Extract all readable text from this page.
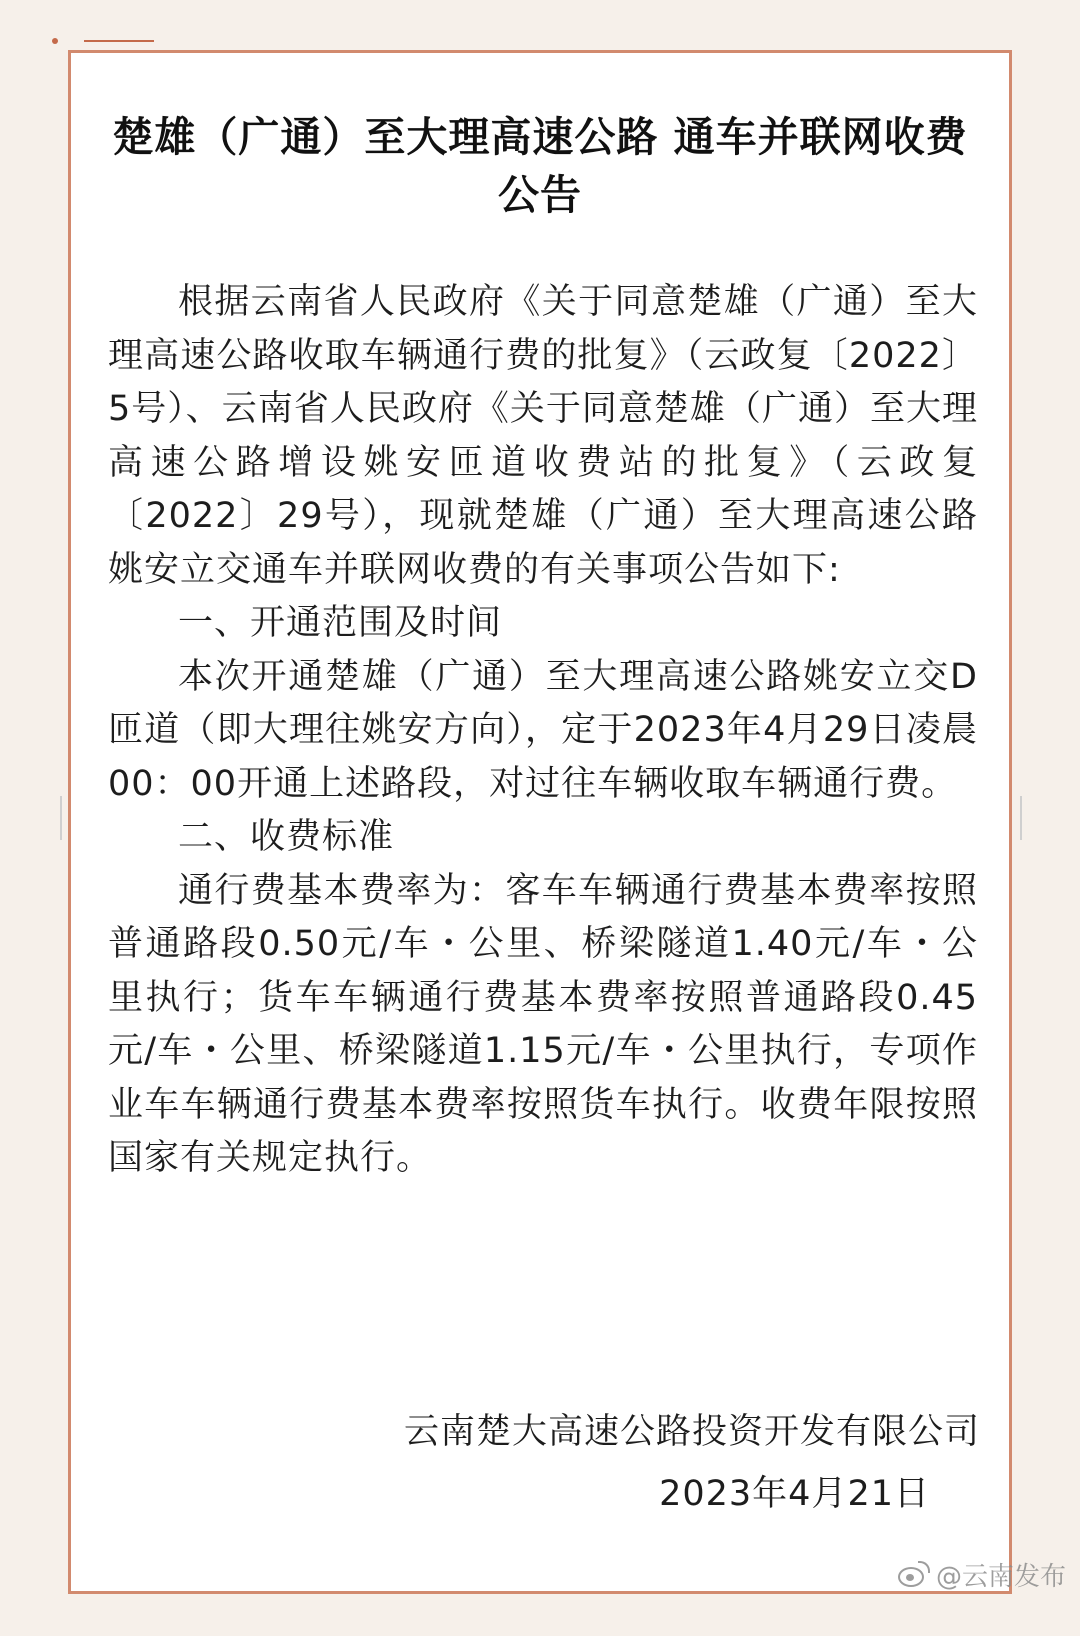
楚雄（广通）至大理高速公路 通车并联网收费公告

根据云南省人民政府《关于同意楚雄（广通）至大理高速公路收取车辆通行费的批复》（云政复〔2022〕5号）、云南省人民政府《关于同意楚雄（广通）至大理高速公路增设姚安匝道收费站的批复》（云政复〔2022〕29号），现就楚雄（广通）至大理高速公路姚安立交通车并联网收费的有关事项公告如下:

一、开通范围及时间

本次开通楚雄（广通）至大理高速公路姚安立交D匝道（即大理往姚安方向），定于2023年4月29日凌晨00：00开通上述路段，对过往车辆收取车辆通行费。

二、收费标准

通行费基本费率为：客车车辆通行费基本费率按照普通路段0.50元/车・公里、桥梁隧道1.40元/车・公里执行；货车车辆通行费基本费率按照普通路段0.45元/车・公里、桥梁隧道1.15元/车・公里执行，专项作业车车辆通行费基本费率按照货车执行。收费年限按照国家有关规定执行。

云南楚大高速公路投资开发有限公司
2023年4月21日
@云南发布
